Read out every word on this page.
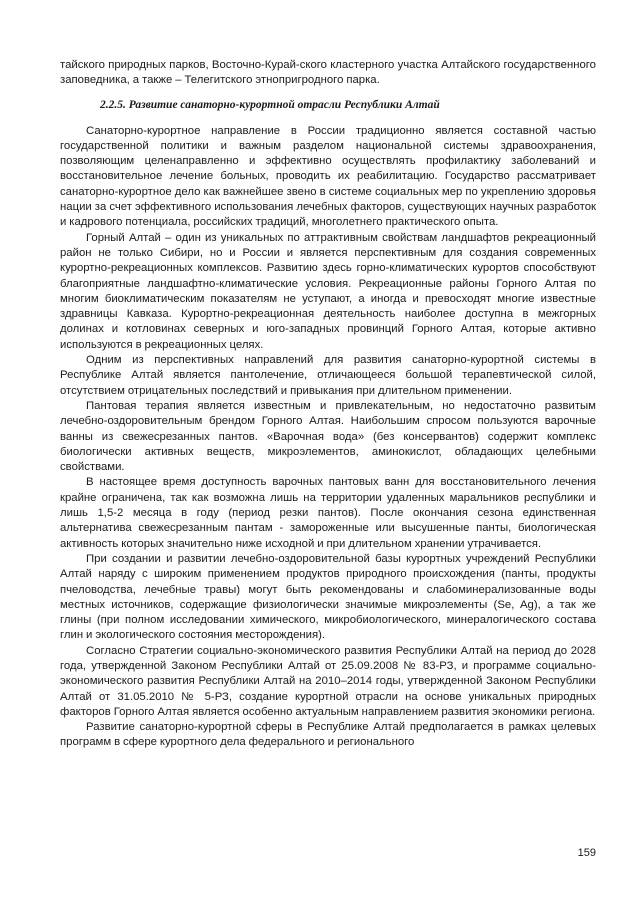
тайского природных парков, Восточно-Курай-ского кластерного участка Алтайского государственного заповедника, а также – Телегитского этнопригродного парка.

2.2.5. Развитие санаторно-курортной отрасли Республики Алтай

Санаторно-курортное направление в России традиционно является составной частью государственной политики и важным разделом национальной системы здравоохранения, позволяющим целенаправленно и эффективно осуществлять профилактику заболеваний и восстановительное лечение больных, проводить их реабилитацию. Государство рассматривает санаторно-курортное дело как важнейшее звено в системе социальных мер по укреплению здоровья нации за счет эффективного использования лечебных факторов, существующих научных разработок и кадрового потенциала, российских традиций, многолетнего практического опыта.

Горный Алтай – один из уникальных по аттрактивным свойствам ландшафтов рекреационный район не только Сибири, но и России и является перспективным для создания современных курортно-рекреационных комплексов. Развитию здесь горно-климатических курортов способствуют благоприятные ландшафтно-климатические условия. Рекреационные районы Горного Алтая по многим биоклиматическим показателям не уступают, а иногда и превосходят многие известные здравницы Кавказа. Курортно-рекреационная деятельность наиболее доступна в межгорных долинах и котловинах северных и юго-западных провинций Горного Алтая, которые активно используются в рекреационных целях.

Одним из перспективных направлений для развития санаторно-курортной системы в Республике Алтай является пантолечение, отличающееся большой терапевтической силой, отсутствием отрицательных последствий и привыкания при длительном применении.

Пантовая терапия является известным и привлекательным, но недостаточно развитым лечебно-оздоровительным брендом Горного Алтая. Наибольшим спросом пользуются варочные ванны из свежесрезанных пантов. «Варочная вода» (без консервантов) содержит комплекс биологически активных веществ, микроэлементов, аминокислот, обладающих целебными свойствами.

В настоящее время доступность варочных пантовых ванн для восстановительного лечения крайне ограничена, так как возможна лишь на территории удаленных маральников республики и лишь 1,5-2 месяца в году (период резки пантов). После окончания сезона единственная альтернатива свежесрезанным пантам - замороженные или высушенные панты, биологическая активность которых значительно ниже исходной и при длительном хранении утрачивается.

При создании и развитии лечебно-оздоровительной базы курортных учреждений Республики Алтай наряду с широким применением продуктов природного происхождения (панты, продукты пчеловодства, лечебные травы) могут быть рекомендованы и слабоминерализованные воды местных источников, содержащие физиологически значимые микроэлементы (Se, Ag), а так же глины (при полном исследовании химического, микробиологического, минералогического состава глин и экологического состояния месторождения).

Согласно Стратегии социально-экономического развития Республики Алтай на период до 2028 года, утвержденной Законом Республики Алтай от 25.09.2008 № 83-РЗ, и программе социально-экономического развития Республики Алтай на 2010–2014 годы, утвержденной Законом Республики Алтай от 31.05.2010 № 5-РЗ, создание курортной отрасли на основе уникальных природных факторов Горного Алтая является особенно актуальным направлением развития экономики региона.

Развитие санаторно-курортной сферы в Республике Алтай предполагается в рамках целевых программ в сфере курортного дела федерального и регионального

159
